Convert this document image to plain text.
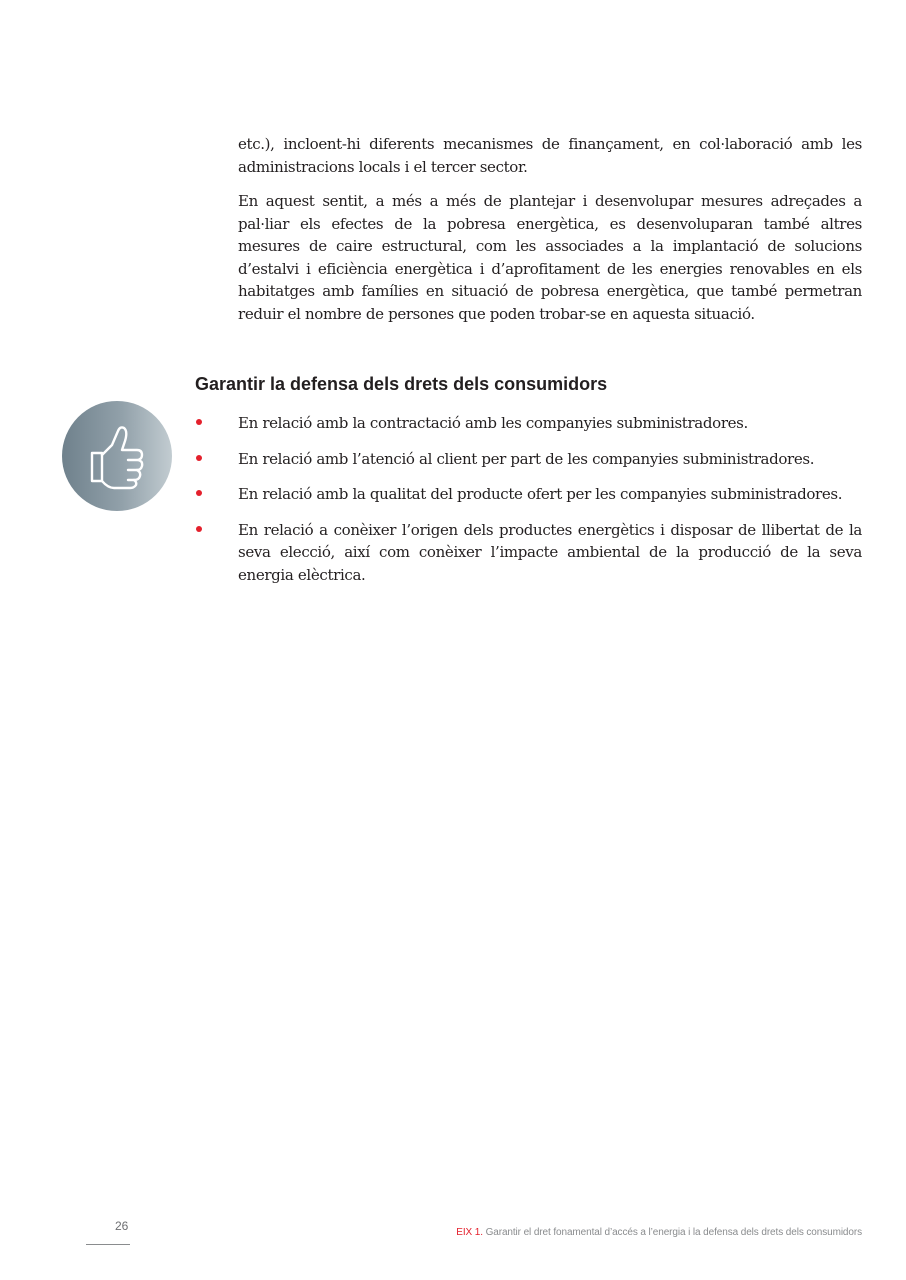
etc.), incloent-hi diferents mecanismes de finançament, en col·laboració amb les administracions locals i el tercer sector.

En aquest sentit, a més a més de plantejar i desenvolupar mesures adreçades a pal·liar els efectes de la pobresa energètica, es desenvoluparan també altres mesures de caire estructural, com les associades a la implantació de solucions d’estalvi i eficiència energètica i d’aprofitament de les energies renovables en els habitatges amb famílies en situació de pobresa energètica, que també permetran reduir el nombre de persones que poden trobar-se en aquesta situació.

Garantir la defensa dels drets dels consumidors
En relació amb la contractació amb les companyies subministradores.
En relació amb l’atenció al client per part de les companyies subministradores.
En relació amb la qualitat del producte ofert per les companyies subministradores.
En relació a conèixer l’origen dels productes energètics i disposar de llibertat de la seva elecció, així com conèixer l’impacte ambiental de la producció de la seva energia elèctrica.
26	EIX 1. Garantir el dret fonamental d’accés a l’energia i la defensa dels drets dels consumidors
